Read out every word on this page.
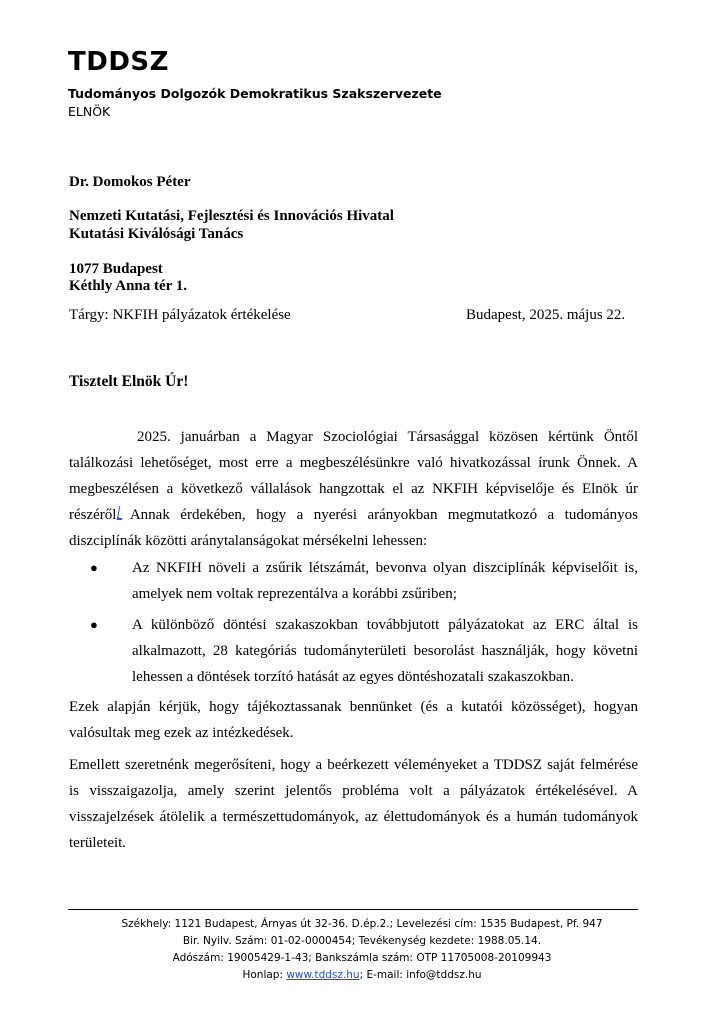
TDDSZ
Tudományos Dolgozók Demokratikus Szakszervezete
ELNÖK
Dr. Domokos Péter
Nemzeti Kutatási, Fejlesztési és Innovációs Hivatal
Kutatási Kiválósági Tanács
1077 Budapest
Kéthly Anna tér 1.
Tárgy: NKFIH pályázatok értékelése	Budapest, 2025. május 22.
Tisztelt Elnök Úr!

2025. januárban a Magyar Szociológiai Társasággal közösen kértünk Öntől találkozási lehetőséget, most erre a megbeszélésünkre való hivatkozással írunk Önnek. A megbeszélésen a következő vállalások hangzottak el az NKFIH képviselője és Elnök úr részéről. Annak érdekében, hogy a nyerési arányokban megmutatkozó a tudományos diszciplínák közötti aránytalanságokat mérsékelni lehessen:

● Az NKFIH növeli a zsűrik létszámát, bevonva olyan diszciplínák képviselőit is, amelyek nem voltak reprezentálva a korábbi zsűriben;

● A különböző döntési szakaszokban továbbjutott pályázatokat az ERC által is alkalmazott, 28 kategóriás tudományterületi besorolást használják, hogy követni lehessen a döntések torzító hatását az egyes döntéshozatali szakaszokban.

Ezek alapján kérjük, hogy tájékoztassanak bennünket (és a kutatói közösséget), hogyan valósultak meg ezek az intézkedések.

Emellett szeretnénk megerősíteni, hogy a beérkezett véleményeket a TDDSZ saját felmérése is visszaigazolja, amely szerint jelentős probléma volt a pályázatok értékelésével. A visszajelzések átölelik a természettudományok, az élettudományok és a humán tudományok területeit.

Székhely: 1121 Budapest, Árnyas út 32-36. D.ép.2.; Levelezési cím: 1535 Budapest, Pf. 947
Bir. Nyilv. Szám: 01-02-0000454; Tevékenység kezdete: 1988.05.14.
Adószám: 19005429-1-43; Bankszámla szám: OTP 11705008-20109943
Honlap: www.tddsz.hu; E-mail: info@tddsz.hu
